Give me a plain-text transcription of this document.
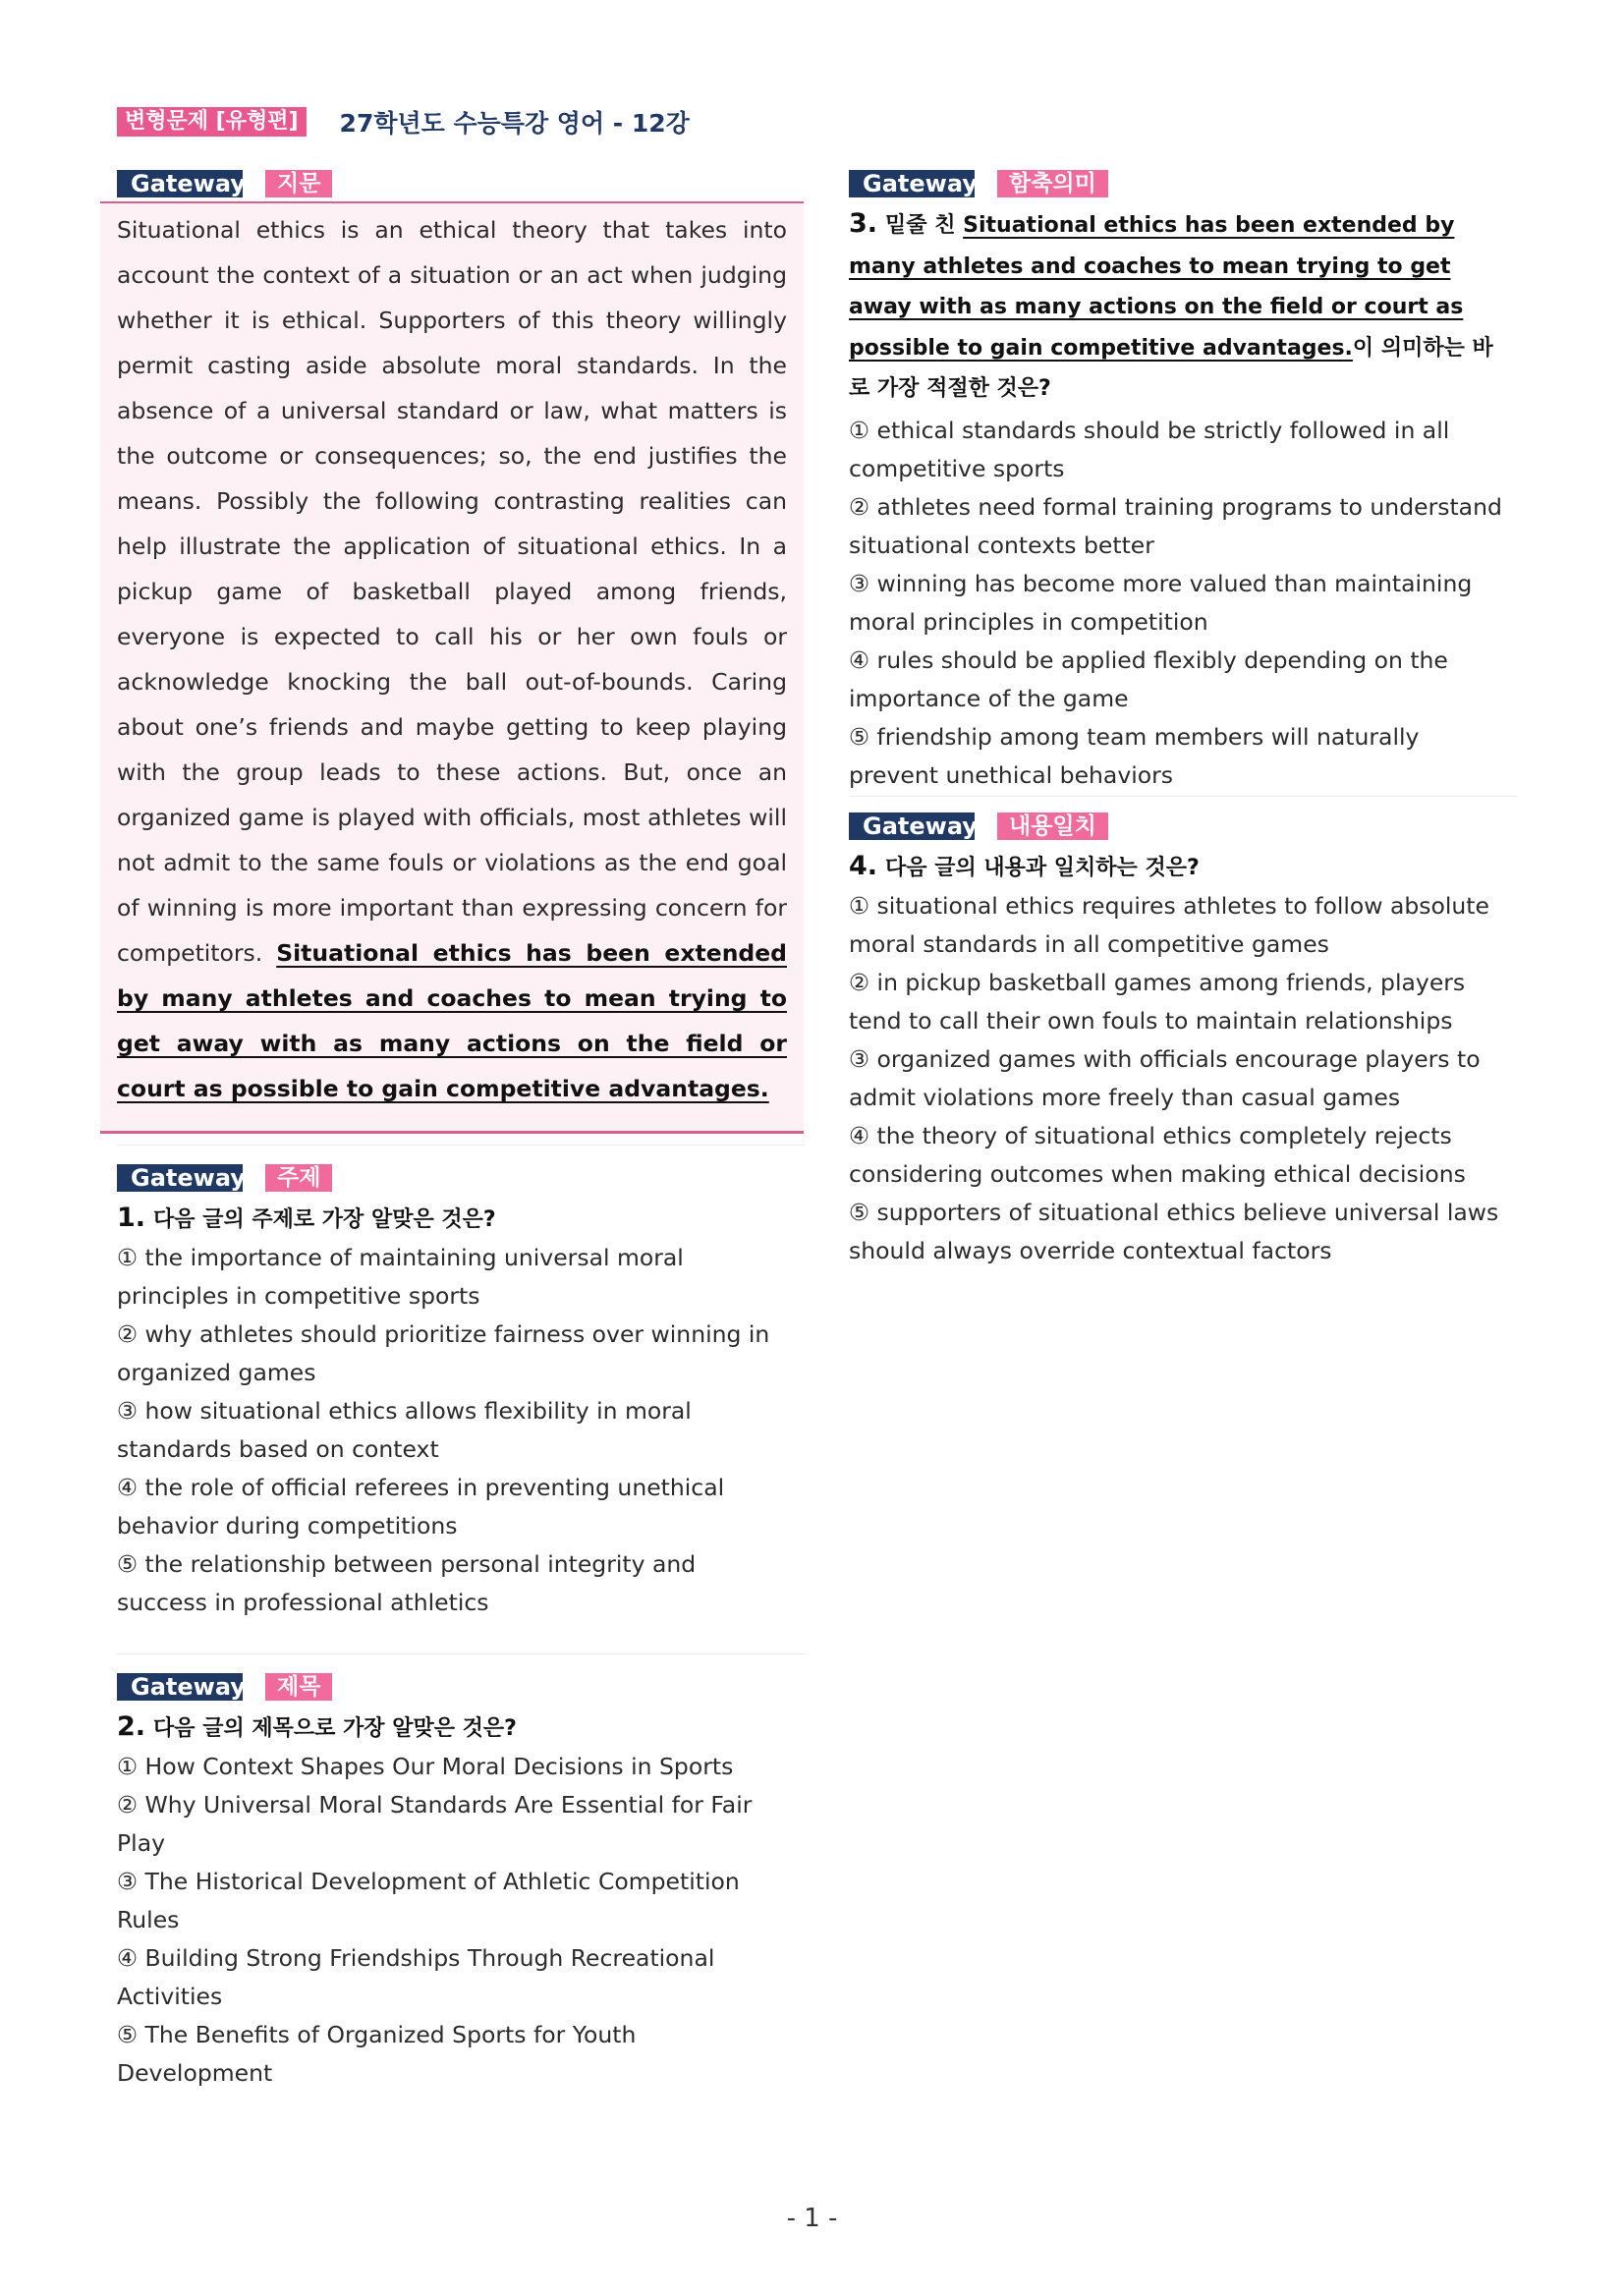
변형문제 [유형편]	27학년도 수능특강 영어 - 12강
Gateway	지문

Situational ethics is an ethical theory that takes into account the context of a situation or an act when judging whether it is ethical. Supporters of this theory willingly permit casting aside absolute moral standards. In the absence of a universal standard or law, what matters is the outcome or consequences; so, the end justifies the means. Possibly the following contrasting realities can help illustrate the application of situational ethics. In a pickup game of basketball played among friends, everyone is expected to call his or her own fouls or acknowledge knocking the ball out-of-bounds. Caring about one’s friends and maybe getting to keep playing with the group leads to these actions. But, once an organized game is played with officials, most athletes will not admit to the same fouls or violations as the end goal of winning is more important than expressing concern for competitors. Situational ethics has been extended by many athletes and coaches to mean trying to get away with as many actions on the field or court as possible to gain competitive advantages.

Gateway	주제
1. 다음 글의 주제로 가장 알맞은 것은?
① the importance of maintaining universal moral principles in competitive sports
② why athletes should prioritize fairness over winning in organized games
③ how situational ethics allows flexibility in moral standards based on context
④ the role of official referees in preventing unethical behavior during competitions
⑤ the relationship between personal integrity and success in professional athletics
Gateway	제목
2. 다음 글의 제목으로 가장 알맞은 것은?
① How Context Shapes Our Moral Decisions in Sports
② Why Universal Moral Standards Are Essential for Fair Play
③ The Historical Development of Athletic Competition Rules
④ Building Strong Friendships Through Recreational Activities
⑤ The Benefits of Organized Sports for Youth Development
Gateway	함축의미
3. 밑줄 친 Situational ethics has been extended by many athletes and coaches to mean trying to get away with as many actions on the field or court as possible to gain competitive advantages.이 의미하는 바로 가장 적절한 것은?
① ethical standards should be strictly followed in all competitive sports
② athletes need formal training programs to understand situational contexts better
③ winning has become more valued than maintaining moral principles in competition
④ rules should be applied flexibly depending on the importance of the game
⑤ friendship among team members will naturally prevent unethical behaviors
Gateway	내용일치
4. 다음 글의 내용과 일치하는 것은?
① situational ethics requires athletes to follow absolute moral standards in all competitive games
② in pickup basketball games among friends, players tend to call their own fouls to maintain relationships
③ organized games with officials encourage players to admit violations more freely than casual games
④ the theory of situational ethics completely rejects considering outcomes when making ethical decisions
⑤ supporters of situational ethics believe universal laws should always override contextual factors
- 1 -
